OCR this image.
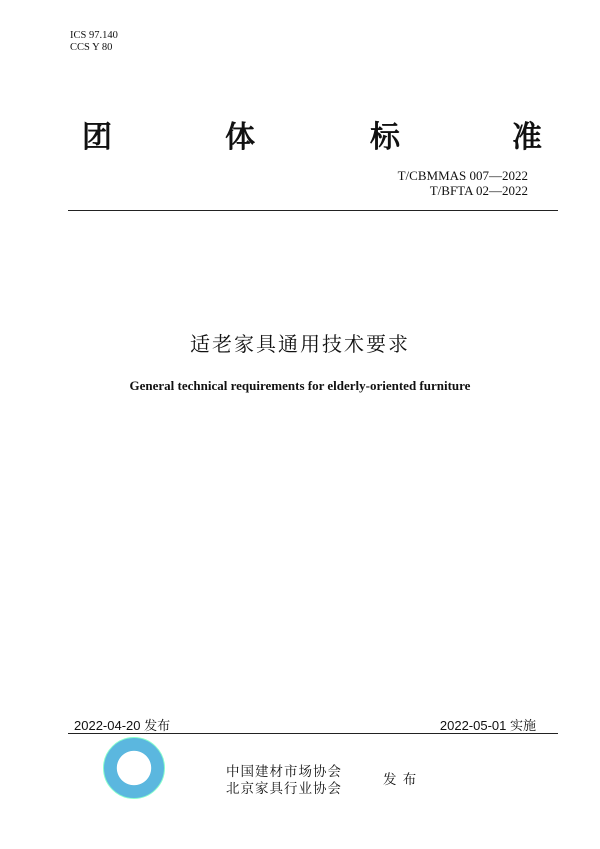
ICS 97.140
CCS Y 80
团	体	标	准
T/CBMMAS 007—2022
T/BFTA 02—2022
适老家具通用技术要求
General technical requirements for elderly-oriented furniture
2022-04-20 发布	2022-05-01 实施
中国建材市场协会
北京家具行业协会
发 布
